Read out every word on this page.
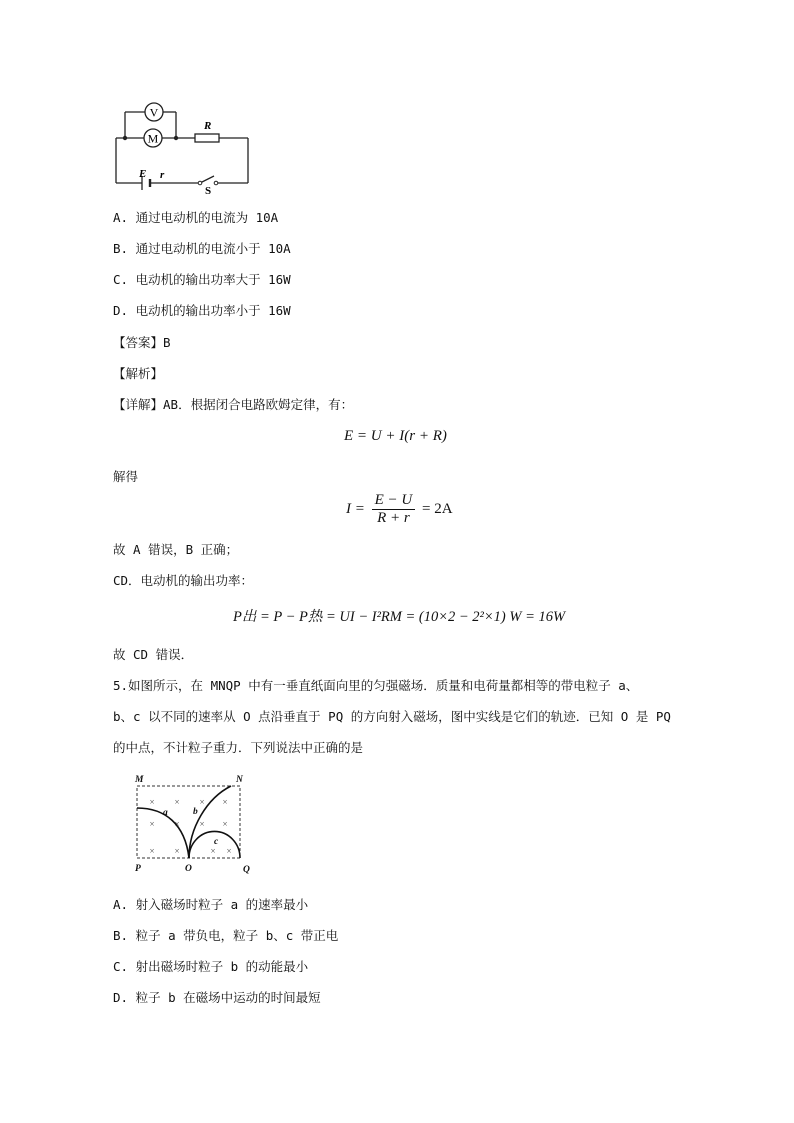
V
M
R
E r
S
A. 通过电动机的电流为 10A
B. 通过电动机的电流小于 10A
C. 电动机的输出功率大于 16W
D. 电动机的输出功率小于 16W
【答案】B
【解析】
【详解】AB．根据闭合电路欧姆定律，有：
E = U + I(r + R)
解得
$I = \frac{E - U}{R + r} = 2A$
故 A 错误，B 正确；
CD．电动机的输出功率：
P出 = P − P热 = UI − I²RM = (10×2 − 2²×1) W = 16W
故 CD 错误．
5.如图所示，在 MNQP 中有一垂直纸面向里的匀强磁场．质量和电荷量都相等的带电粒子 a、
b、c 以不同的速率从 O 点沿垂直于 PQ 的方向射入磁场，图中实线是它们的轨迹．已知 O 是 PQ
的中点，不计粒子重力．下列说法中正确的是
× × × ×
× × × ×
× ×	× ×
M	N
a	b
c
P	O	Q
A. 射入磁场时粒子 a 的速率最小
B. 粒子 a 带负电，粒子 b、c 带正电
C. 射出磁场时粒子 b 的动能最小
D. 粒子 b 在磁场中运动的时间最短
